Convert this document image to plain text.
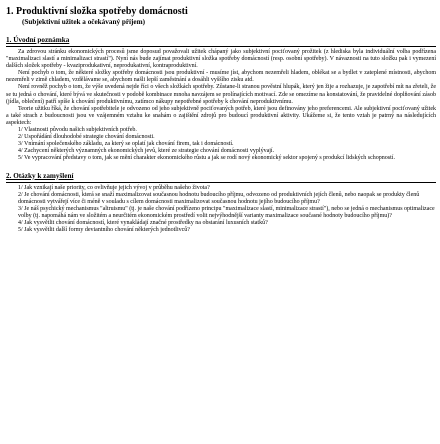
1. Produktivní složka spotřeby domácnosti
(Subjektivní užitek a očekávaný příjem)
1. Úvodní poznámka

Za zdrovou stránku ekonomických procesů jsme doposud považovali užitek chápaný jako subjektivní pociťovaný prožitek (z hlediska byla individuální volba podřízena "maximalizaci slastí a minimalizaci strastí"). Nyní nás bude zajímat produktivní složka spotřeby domácností (resp. osobní spotřeby). V návaznosti na tuto složku pak i vymezení dalších složek spotřeby - kvaziprodukativní, neprodukativní, kontraproduktivní.

Není pochyb o tom, že některé složky spotřeby domácnosti jsou produktivní - musíme jíst, abychom nezemřeli hladem, oblékat se a bydlet v zateplené místnosti, abychom nezemřeli v zimě chladem, vzdělávame se, abychom našli lepší zaměstnání a dosáhli vyššího zisku atd.

Není rovněž pochyb o tom, že výše uvedená nejde říci o všech složkách spotřeby. Zůstane-li stranou pověstní hlupák, který jen žije a rozhazuje, je zapotřebí mít na zřeteli, že se tu jedná o chování, které bývá ve skutečnosti v podobě kombinace mnoha navzájem se prolínajících motivací. Zde se omezíme na konstatování, že pravidelné doplňování zásob (jídla, oblečení) patří spíše k chování produktivnímu, zatímco nákupy nepotřebné spotřeby k chování neproduktivnímu.

Teorie užitku říká, že chování spotřebitele je odvozeno od jeho subjektivně pociťovaných potřeb, které jsou definovány jeho preferencemi. Ale subjektivní pociťovaný užitek a také strach z budoucnosti jsou ve vzájemném vztahu ke snahám o zajištění zdrojů pro budoucí produktivní aktivity. Ukážeme si, že tento vztah je patrný na následujících aspektech:

1/ Vlastnosti původu našich subjektivních potřeb.
2/ Uspořádání dlouhodobé strategie chování domácnosti.
3/ Vnímání společenského základu, za který se oplatí jak chování firem, tak i domácností.
4/ Zachycení některých významných ekonomických jevů, které ze strategie chování domácnosti vyplývají.
5/ Ve vypracování představy o tom, jak se mění charakter ekonomického růstu a jak se rodí nový ekonomický sektor spojený s produkcí lidských schopností.
2. Otázky k zamyšlení
1/ Jak vznikají naše priority, co ovlivňuje jejich vývoj v průběhu našeho života?
2/ Je chování domácnosti, která se snaží maximalizovat současnou hodnotu budoucího příjmu, odvozeno od produktivních jejích členů, nebo naopak se produkty členů domácnosti vytvářejí více či méně v souladu s cílem domácnosti maximalizovat současnou hodnotu jejího budoucího příjmu?
3/ Je náš psychický mechanismus "altruismu" (tj. je naše chování podřízeno principu "maximalizace slastí, minimalizace strastí"), nebo se jedná o mechanismus optimalizace volby (tj. napomáhá nám ve složitém a neurčitém ekonomickém prostředí volit nejvýhodnější varianty maximalizace současné hodnoty budoucího příjmu)?
4/ Jak vysvětlit chování domácností, které vynakládají značné prostředky na obstarání luxusních statků?
5/ Jak vysvětlit další formy deviantního chování některých jednotlivců?
